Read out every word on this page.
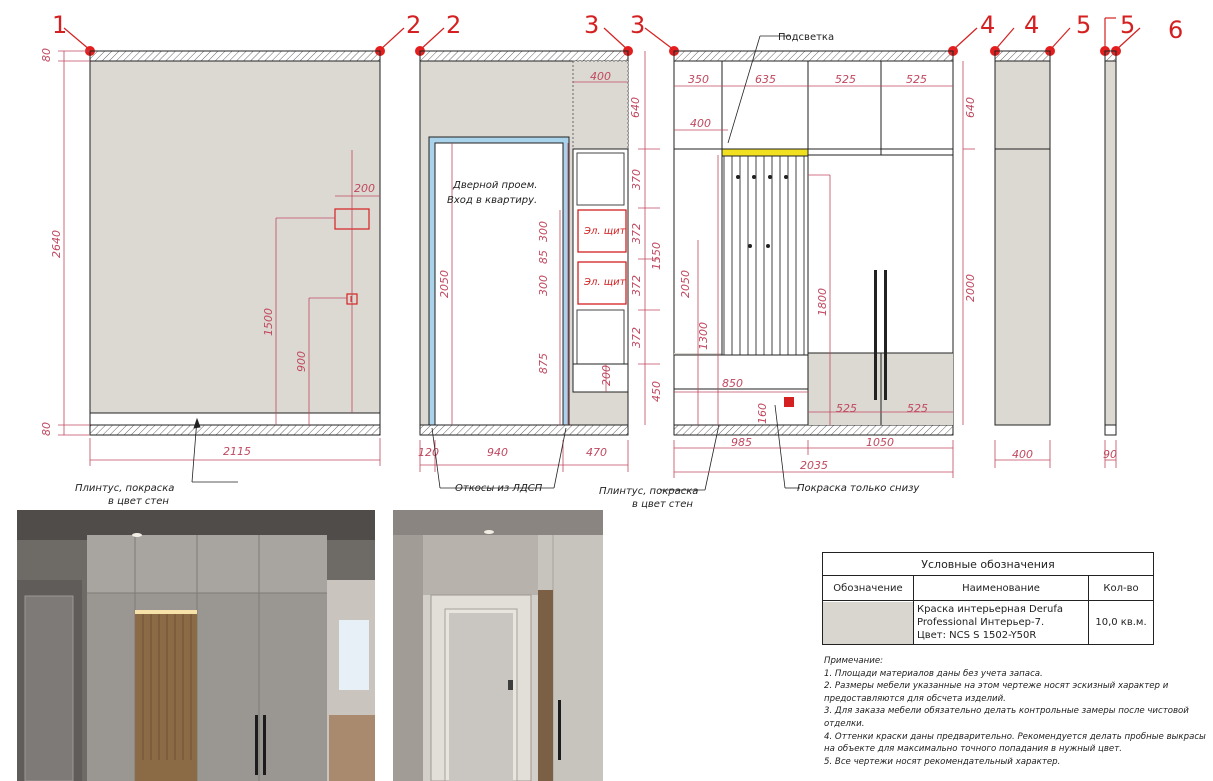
1	2 2	3 3	4 4 5 5 6
80
2640
80
2115
200
1500
900
Плинтус, покраска
в цвет стен
Дверной проем.
Вход в квартиру.
Эл. щит
Эл. щит
400
640
2050
300
85
300
875
200
120	940	470
370
372
372
372
1550
450
Откосы из ЛДСП	Плинтус, покраска
в цвет стен
Подсветка
350	635	525	525
400
2050
1300
1800
640
2000
850
160	525	525
985	1050
2035
Покраска только снизу
400	90
Условные обозначения		
Обозначение	Наименование	Кол-во

	Краска интерьерная Derufa
Professional Интерьер-7.
Цвет: NCS S 1502-Y50R	10,0 кв.м.
Примечание:
1. Площади материалов даны без учета запаса.
2. Размеры мебели указанные на этом чертеже носят эскизный характер и предоставляются для обсчета изделий.
3. Для заказа мебели обязательно делать контрольные замеры после чистовой отделки.
4. Оттенки краски даны предварительно. Рекомендуется делать пробные выкрасы на объекте для максимально точного попадания в нужный цвет.
5. Все чертежи носят рекомендательный характер.
